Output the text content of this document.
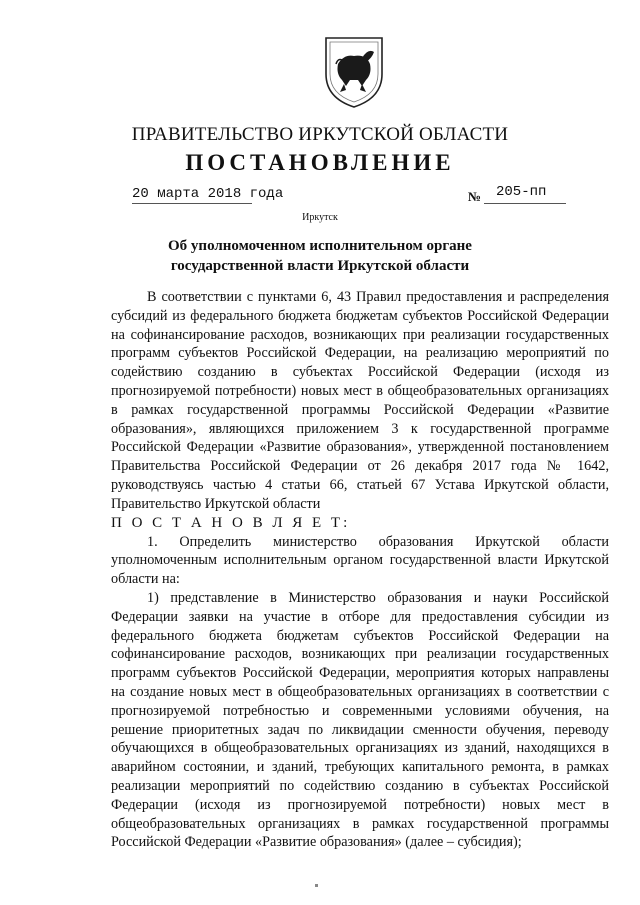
ПРАВИТЕЛЬСТВО ИРКУТСКОЙ ОБЛАСТИ
ПОСТАНОВЛЕНИЕ
20 марта 2018 года	№ 205-пп
Иркутск
Об уполномоченном исполнительном органе государственной власти Иркутской области

В соответствии с пунктами 6, 43 Правил предоставления и распределения субсидий из федерального бюджета бюджетам субъектов Российской Федерации на софинансирование расходов, возникающих при реализации государственных программ субъектов Российской Федерации, на реализацию мероприятий по содействию созданию в субъектах Российской Федерации (исходя из прогнозируемой потребности) новых мест в общеобразовательных организациях в рамках государственной программы Российской Федерации «Развитие образования», являющихся приложением 3 к государственной программе Российской Федерации «Развитие образования», утвержденной постановлением Правительства Российской Федерации от 26 декабря 2017 года № 1642, руководствуясь частью 4 статьи 66, статьей 67 Устава Иркутской области, Правительство Иркутской области

П О С Т А Н О В Л Я Е Т:

1. Определить министерство образования Иркутской области уполномоченным исполнительным органом государственной власти Иркутской области на:

1) представление в Министерство образования и науки Российской Федерации заявки на участие в отборе для предоставления субсидии из федерального бюджета бюджетам субъектов Российской Федерации на софинансирование расходов, возникающих при реализации государственных программ субъектов Российской Федерации, мероприятия которых направлены на создание новых мест в общеобразовательных организациях в соответствии с прогнозируемой потребностью и современными условиями обучения, на решение приоритетных задач по ликвидации сменности обучения, переводу обучающихся в общеобразовательных организациях из зданий, находящихся в аварийном состоянии, и зданий, требующих капитального ремонта, в рамках реализации мероприятий по содействию созданию в субъектах Российской Федерации (исходя из прогнозируемой потребности) новых мест в общеобразовательных организациях в рамках государственной программы Российской Федерации «Развитие образования» (далее – субсидия);
